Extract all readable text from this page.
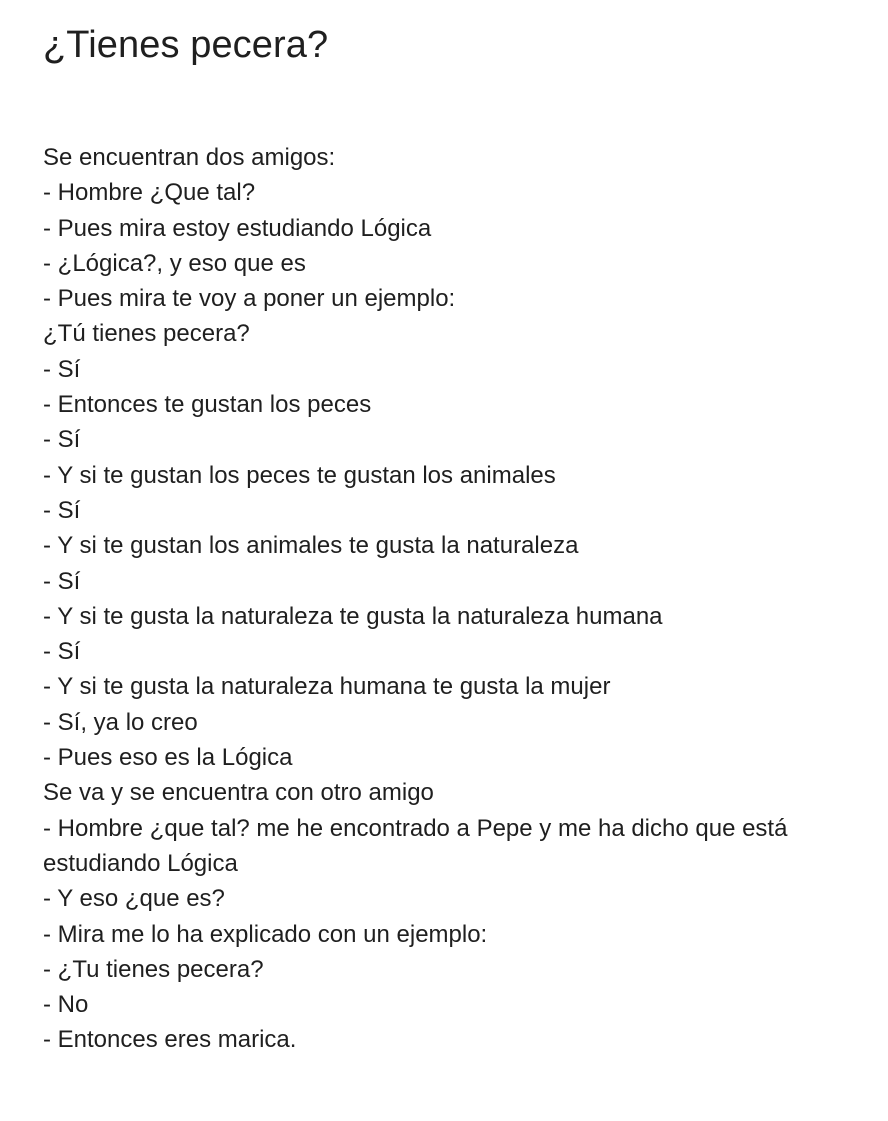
¿Tienes pecera?
Se encuentran dos amigos:
- Hombre ¿Que tal?
- Pues mira estoy estudiando Lógica
- ¿Lógica?, y eso que es
- Pues mira te voy a poner un ejemplo:
¿Tú tienes pecera?
- Sí
- Entonces te gustan los peces
- Sí
- Y si te gustan los peces te gustan los animales
- Sí
- Y si te gustan los animales te gusta la naturaleza
- Sí
- Y si te gusta la naturaleza te gusta la naturaleza humana
- Sí
- Y si te gusta la naturaleza humana te gusta la mujer
- Sí, ya lo creo
- Pues eso es la Lógica
Se va y se encuentra con otro amigo
- Hombre ¿que tal? me he encontrado a Pepe y me ha dicho que está estudiando Lógica
- Y eso ¿que es?
- Mira me lo ha explicado con un ejemplo:
- ¿Tu tienes pecera?
- No
- Entonces eres marica.
